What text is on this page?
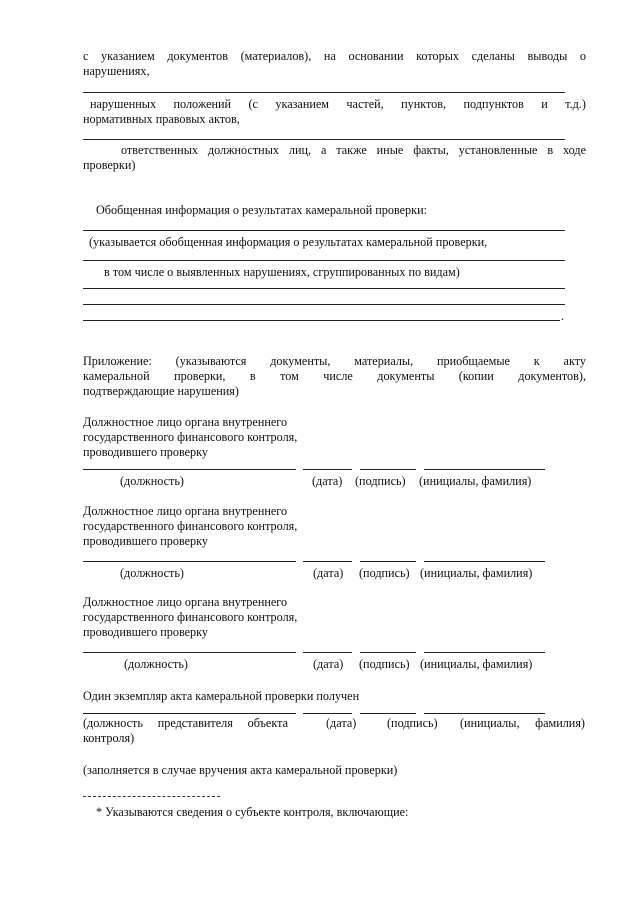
с указанием документов (материалов), на основании которых сделаны выводы о
нарушениях,
нарушенных положений (с указанием частей, пунктов, подпунктов и т.д.)
нормативных правовых актов,
ответственных должностных лиц, а также иные факты, установленные в ходе
проверки)
Обобщенная информация о результатах камеральной проверки:
(указывается обобщенная информация о результатах камеральной проверки,
в том числе о выявленных нарушениях, сгруппированных по видам)
.
Приложение: (указываются документы, материалы, приобщаемые к акту
камеральной проверки, в том числе документы (копии документов),
подтверждающие нарушения)
Должностное лицо органа внутреннего
государственного финансового контроля,
проводившего проверку
(должность)	(дата) (подпись) (инициалы, фамилия)
Должностное лицо органа внутреннего
государственного финансового контроля,
проводившего проверку
(должность)	(дата) (подпись) (инициалы, фамилия)
Должностное лицо органа внутреннего
государственного финансового контроля,
проводившего проверку
(должность)	(дата) (подпись) (инициалы, фамилия)
Один экземпляр акта камеральной проверки получен
(должность представителя объекта
контроля)
(дата)	(подпись) (инициалы, фамилия)
(заполняется в случае вручения акта камеральной проверки)
* Указываются сведения о субъекте контроля, включающие:
